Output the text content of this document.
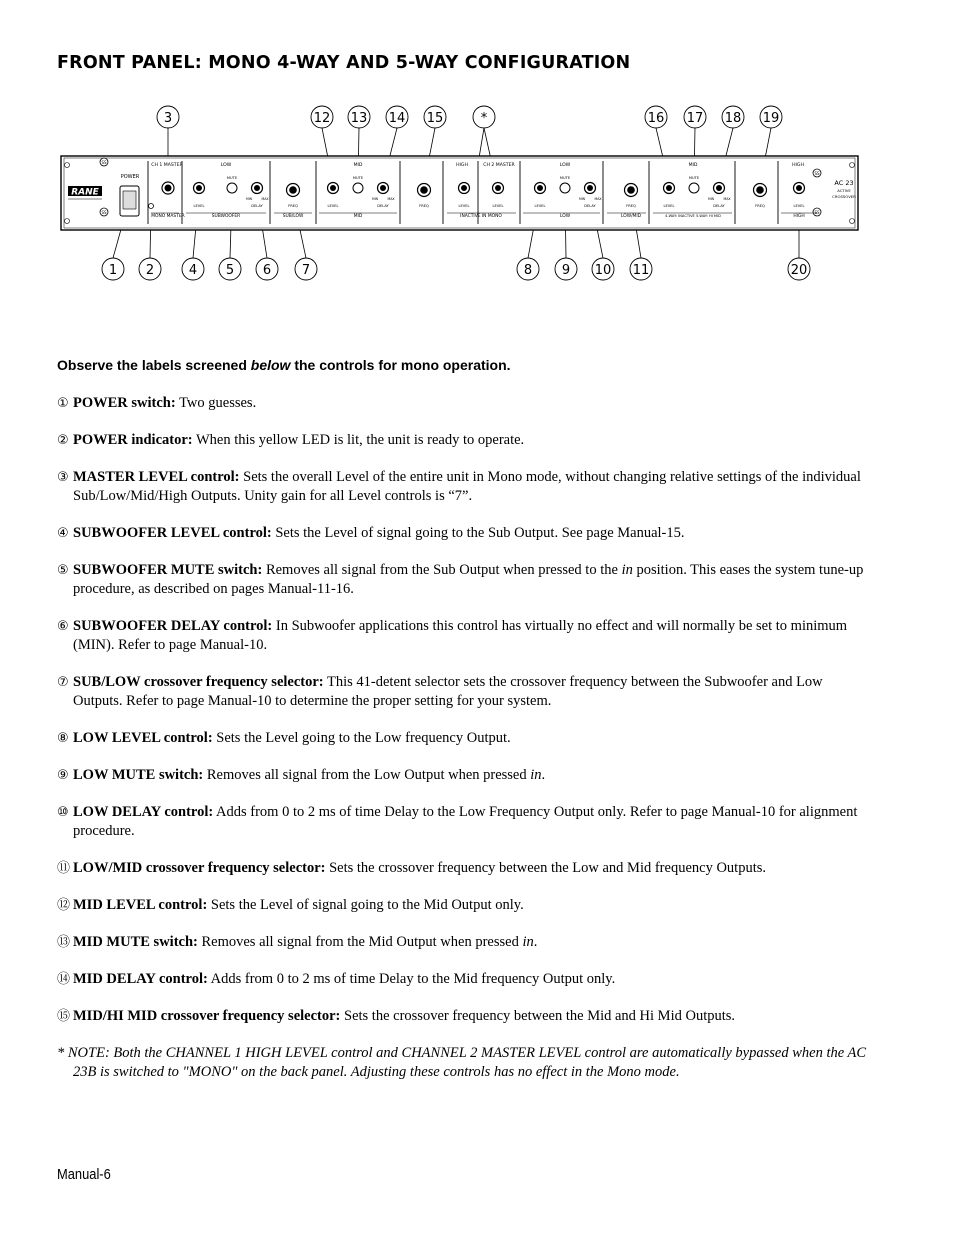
FRONT PANEL: MONO 4-WAY AND 5-WAY CONFIGURATION
SS
SS
SS
SS
RANE
POWER
CH 1 MASTER	LOW	MID	HIGH	CH 2 MASTER	LOW	MID	HIGH
MONO MASTER	SUBWOOFER	SUB/LOW	MID	INACTIVE IN MONO	LOW	LOW/MID	4-WAY: INACTIVE 5-WAY: HI MID	HIGH
LEVEL	LEVEL	LEVEL	LEVEL	LEVEL	LEVEL	LEVEL
MUTE	MUTE	MUTE	MUTE
DELAY	DELAY	DELAY	DELAY
FREQ	FREQ	FREQ	FREQ
MIN	MAX	MIN	MAX	MIN	MAX	MIN	MAX
AC 23
ACTIVE
CROSSOVER
3	12 13 14 15	*	16 17 18 19
1 2	4 5 6 7	8 9 10 11	20
Observe the labels screened below the controls for mono operation.
① POWER switch: Two guesses.
② POWER indicator: When this yellow LED is lit, the unit is ready to operate.
③ MASTER LEVEL control: Sets the overall Level of the entire unit in Mono mode, without changing relative settings of the individual Sub/Low/Mid/High Outputs. Unity gain for all Level controls is “7”.
④ SUBWOOFER LEVEL control: Sets the Level of signal going to the Sub Output. See page Manual-15.
⑤ SUBWOOFER MUTE switch: Removes all signal from the Sub Output when pressed to the in position. This eases the system tune-up procedure, as described on pages Manual-11-16.
⑥ SUBWOOFER DELAY control: In Subwoofer applications this control has virtually no effect and will normally be set to minimum (MIN). Refer to page Manual-10.
⑦ SUB/LOW crossover frequency selector: This 41-detent selector sets the crossover frequency between the Subwoofer and Low Outputs. Refer to page Manual-10 to determine the proper setting for your system.
⑧ LOW LEVEL control: Sets the Level going to the Low frequency Output.
⑨ LOW MUTE switch: Removes all signal from the Low Output when pressed in.
⑩ LOW DELAY control: Adds from 0 to 2 ms of time Delay to the Low Frequency Output only. Refer to page Manual-10 for alignment procedure.
⑪ LOW/MID crossover frequency selector: Sets the crossover frequency between the Low and Mid frequency Outputs.
⑫ MID LEVEL control: Sets the Level of signal going to the Mid Output only.
⑬ MID MUTE switch: Removes all signal from the Mid Output when pressed in.
⑭ MID DELAY control: Adds from 0 to 2 ms of time Delay to the Mid frequency Output only.
⑮ MID/HI MID crossover frequency selector: Sets the crossover frequency between the Mid and Hi Mid Outputs.
* NOTE: Both the CHANNEL 1 HIGH LEVEL control and CHANNEL 2 MASTER LEVEL control are automatically bypassed when the AC 23B is switched to "MONO" on the back panel. Adjusting these controls has no effect in the Mono mode.
Manual-6
